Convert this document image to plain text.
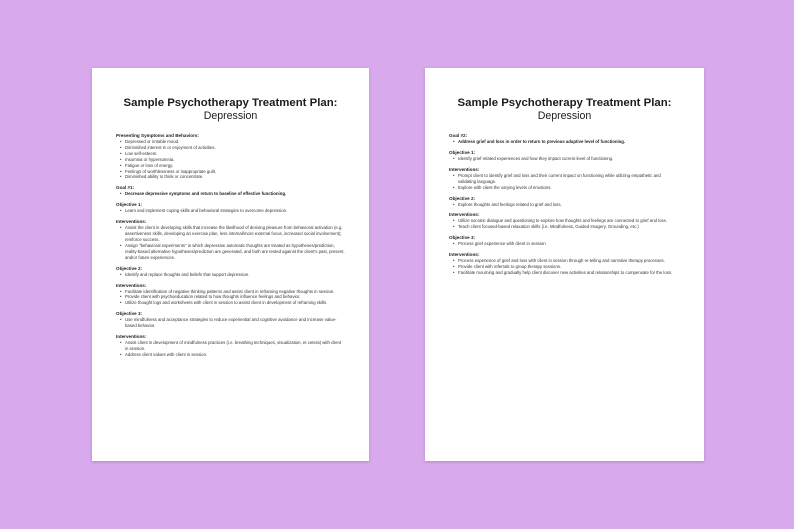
Sample Psychotherapy Treatment Plan:

Depression

Presenting Symptoms and Behaviors:

• Depressed or irritable mood.
• Diminished interest in or enjoyment of activities.
• Low self-esteem.
• Insomnia or hypersomnia.
• Fatigue or loss of energy.
• Feelings of worthlessness or inappropriate guilt.
• Diminished ability to think or concentrate.

Goal #1:

• Decrease depressive symptoms and return to baseline of effective functioning.

Objective 1:

• Learn and implement coping skills and behavioral strategies to overcome depression.

Interventions:

• Assist the client in developing skills that increase the likelihood of deriving pleasure from behavioral activation (e.g. assertiveness skills, developing an exercise plan, less internal/more external focus, increased social involvement); reinforce success.
• Assign "behavioral experiments" in which depressive automatic thoughts are treated as hypotheses/prediction, reality-based alternative hypotheses/prediction are generated, and both are tested against the client's past, present, and/or future experiences.

Objective 2:

• Identify and replace thoughts and beliefs that support depression.

Interventions:

• Facilitate identification of negative thinking patterns and assist client in reframing negative thoughts in session.
• Provide client with psychoeducation related to how thoughts influence feelings and behavior.
• Utilize thought logs and worksheets with client in session to assist client in development of reframing skills.

Objective 3:

• Use mindfulness and acceptance strategies to reduce experiential and cognitive avoidance and increase value-based behavior.

Interventions:

• Assist client in development of mindfulness practices (i.e. breathing techniques, visualization, et cetera) with client in session.
• Address client values with client in session.

Sample Psychotherapy Treatment Plan:

Depression

Goal #2:

• Address grief and loss in order to return to previous adaptive level of functioning.

Objective 1:

• Identify grief related experiences and how they impact current level of functioning.

Interventions:

• Prompt client to identify grief and loss and their current impact on functioning while utilizing empathetic and validating language.
• Explore with client the varying levels of emotions.

Objective 2:

• Explore thoughts and feelings related to grief and loss.

Interventions:

• Utilize socratic dialogue and questioning to explore how thoughts and feelings are connected to grief and loss.
• Teach client focused-based relaxation skills (i.e. Mindfulness, Guided Imagery, Grounding, etc.)

Objective 3:

• Process grief experience with client in session

Interventions:

• Process experience of grief and loss with client in session through re-telling and narrative therapy processes.
• Provide client with referrals to group therapy sessions.
• Facilitate mourning and gradually help client discover new activities and relationships to compensate for the loss.
